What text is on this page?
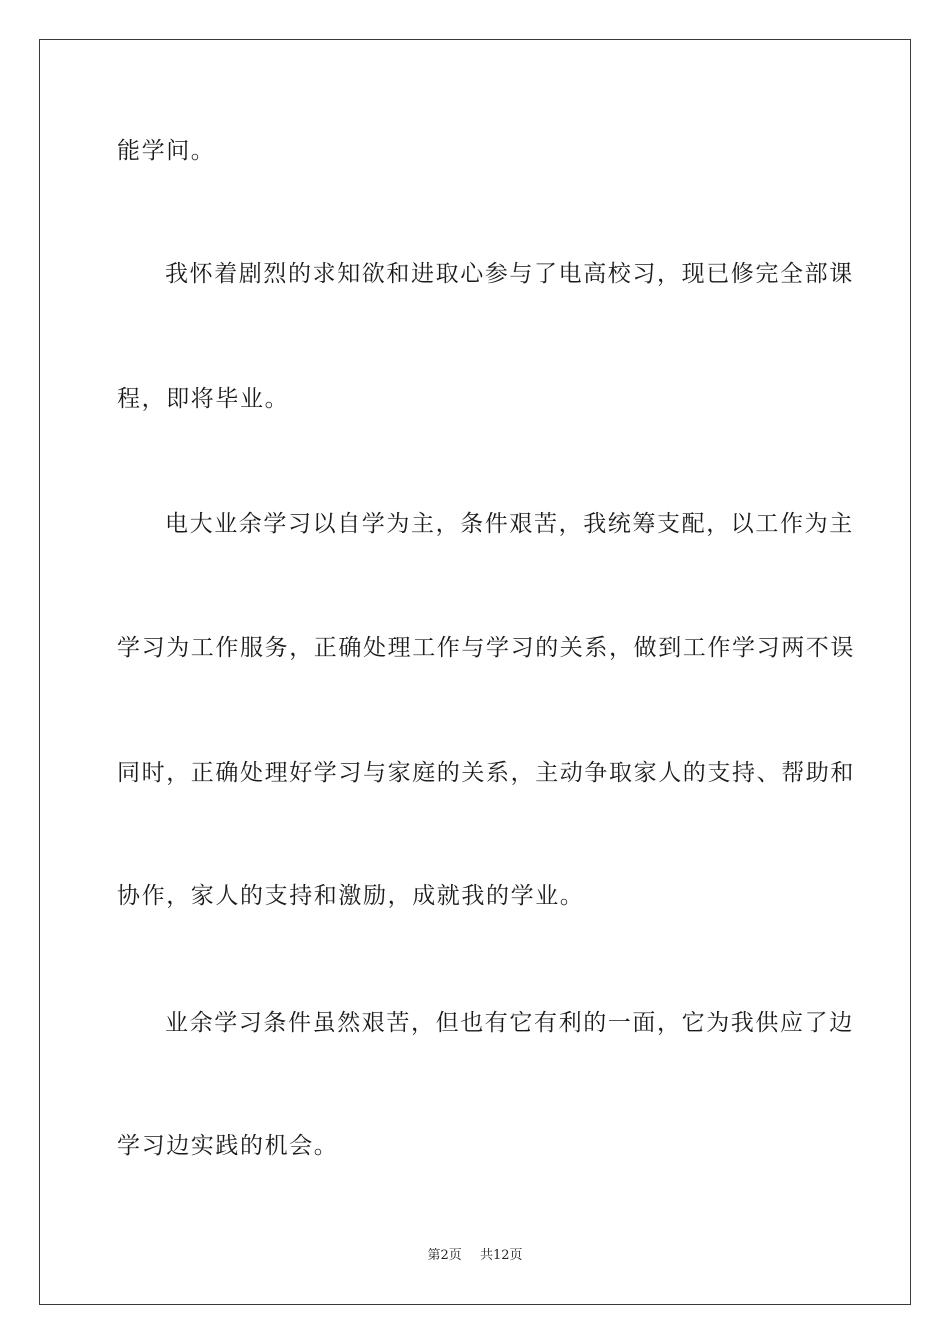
能学问。

我怀着剧烈的求知欲和进取心参与了电高校习，现已修完全部课

程，即将毕业。

电大业余学习以自学为主，条件艰苦，我统筹支配，以工作为主

学习为工作服务，正确处理工作与学习的关系，做到工作学习两不误

同时，正确处理好学习与家庭的关系，主动争取家人的支持、帮助和

协作，家人的支持和激励，成就我的学业。

业余学习条件虽然艰苦，但也有它有利的一面，它为我供应了边

学习边实践的机会。

第2页 共12页
